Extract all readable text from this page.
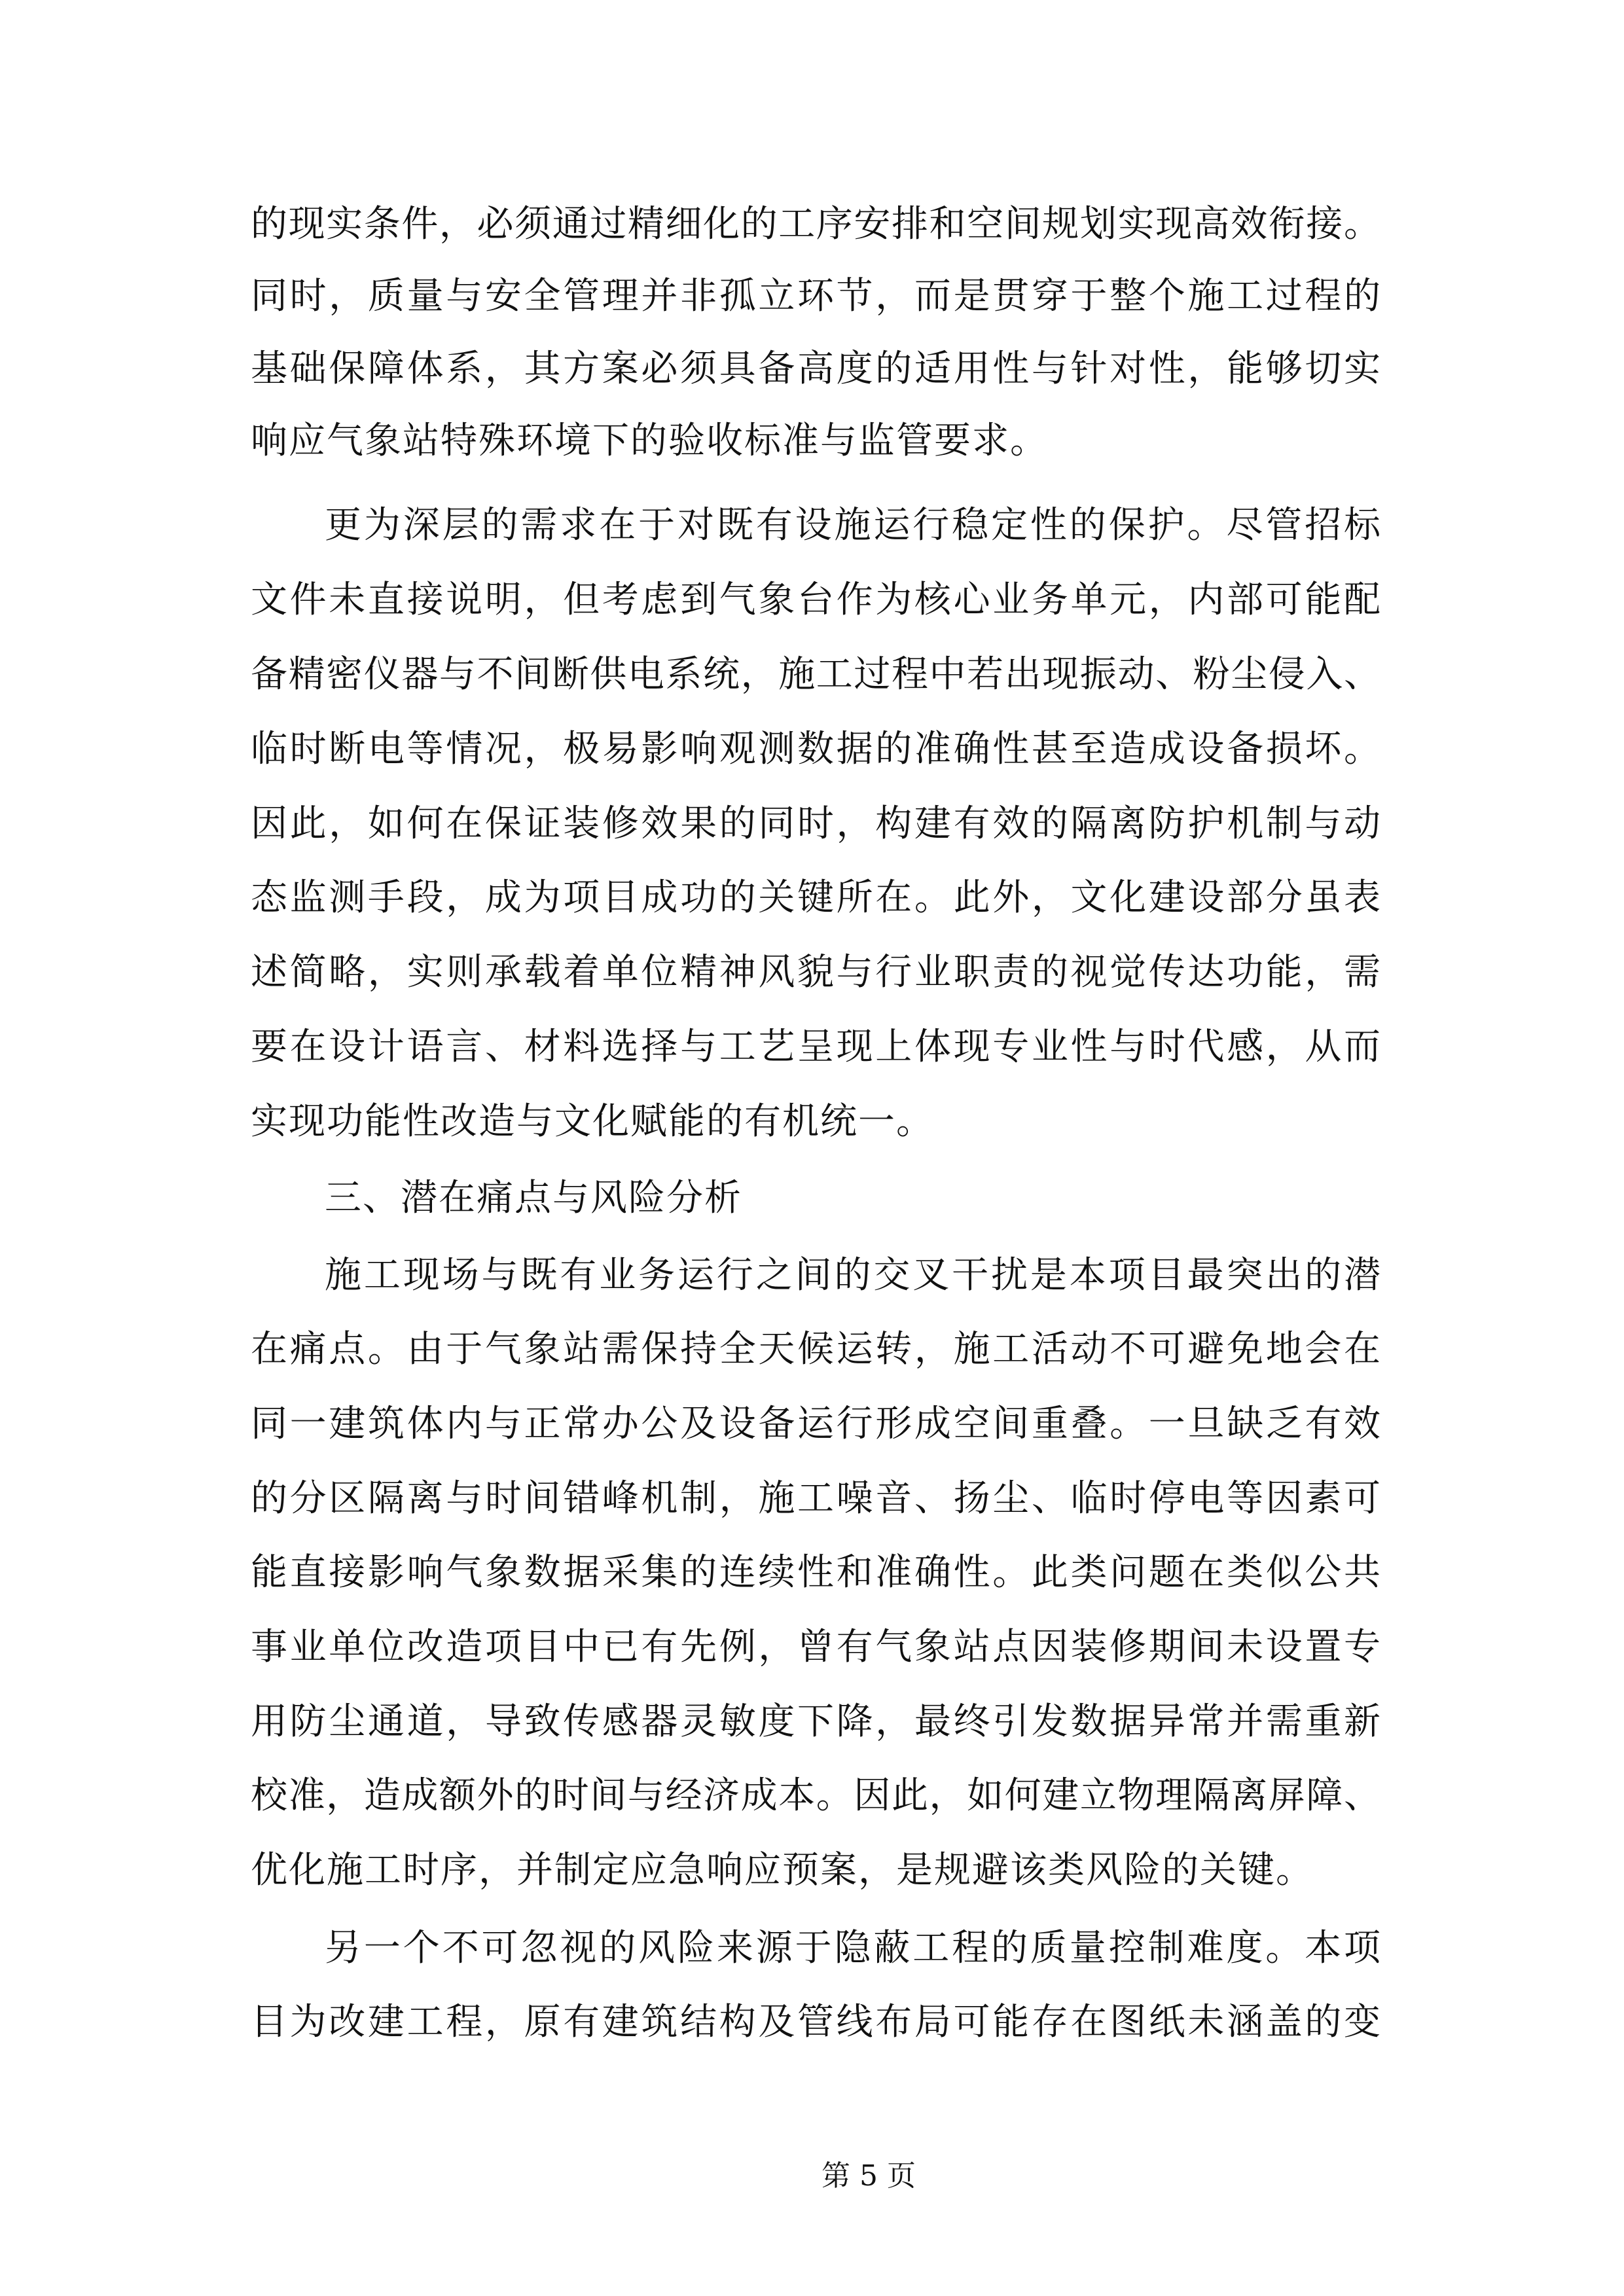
的现实条件，必须通过精细化的工序安排和空间规划实现高效衔接。
同时，质量与安全管理并非孤立环节，而是贯穿于整个施工过程的
基础保障体系，其方案必须具备高度的适用性与针对性，能够切实
响应气象站特殊环境下的验收标准与监管要求。
更为深层的需求在于对既有设施运行稳定性的保护。尽管招标
文件未直接说明，但考虑到气象台作为核心业务单元，内部可能配
备精密仪器与不间断供电系统，施工过程中若出现振动、粉尘侵入、
临时断电等情况，极易影响观测数据的准确性甚至造成设备损坏。
因此，如何在保证装修效果的同时，构建有效的隔离防护机制与动
态监测手段，成为项目成功的关键所在。此外，文化建设部分虽表
述简略，实则承载着单位精神风貌与行业职责的视觉传达功能，需
要在设计语言、材料选择与工艺呈现上体现专业性与时代感，从而
实现功能性改造与文化赋能的有机统一。
三、潜在痛点与风险分析
施工现场与既有业务运行之间的交叉干扰是本项目最突出的潜
在痛点。由于气象站需保持全天候运转，施工活动不可避免地会在
同一建筑体内与正常办公及设备运行形成空间重叠。一旦缺乏有效
的分区隔离与时间错峰机制，施工噪音、扬尘、临时停电等因素可
能直接影响气象数据采集的连续性和准确性。此类问题在类似公共
事业单位改造项目中已有先例，曾有气象站点因装修期间未设置专
用防尘通道，导致传感器灵敏度下降，最终引发数据异常并需重新
校准，造成额外的时间与经济成本。因此，如何建立物理隔离屏障、
优化施工时序，并制定应急响应预案，是规避该类风险的关键。
另一个不可忽视的风险来源于隐蔽工程的质量控制难度。本项
目为改建工程，原有建筑结构及管线布局可能存在图纸未涵盖的变

第 5 页
